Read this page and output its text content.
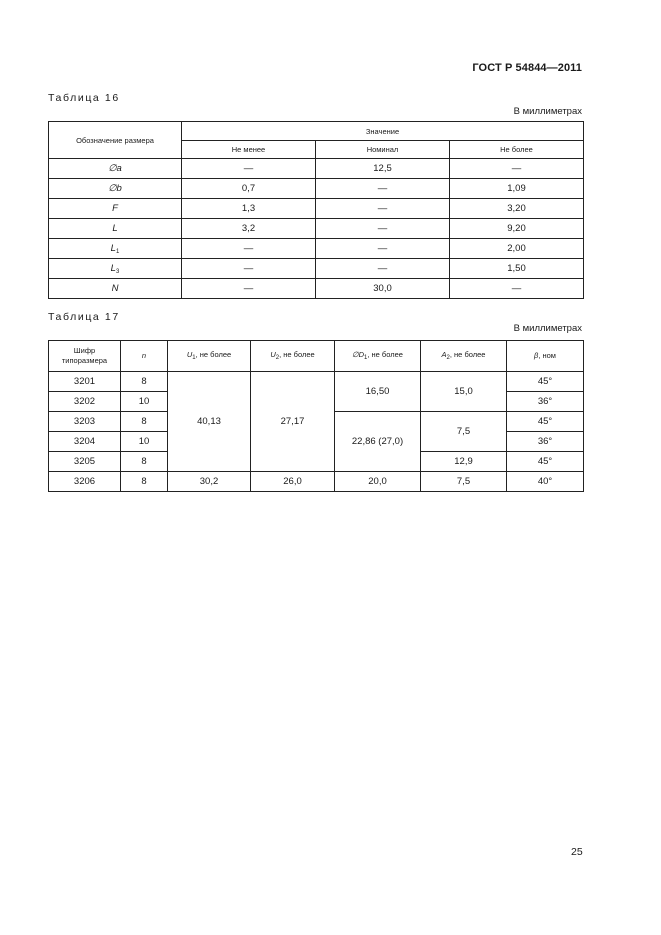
ГОСТ Р 54844—2011
Таблица 16
В миллиметрах
Обозначение размера	Значение		
	Не менее	Номинал	Не более
∅a	—	12,5	—
∅b	0,7	—	1,09
F	1,3	—	3,20
L	3,2	—	9,20
$L_1$	—	—	2,00
$L_3$	—	—	1,50
N	—	30,0	—
Таблица 17
В миллиметрах
Шифр
типоразмера	n	$U_1$, не более	$U_2$, не более	$\emptyset D_1$, не более	$A_2$, не более	β, ном
3201	8	40,13	27,17	16,50	15,0	45°
3202	10					36°
3203	8			22,86 (27,0)	7,5	45°
3204	10					36°
3205	8				12,9	45°
3206	8	30,2	26,0	20,0	7,5	40°
25
